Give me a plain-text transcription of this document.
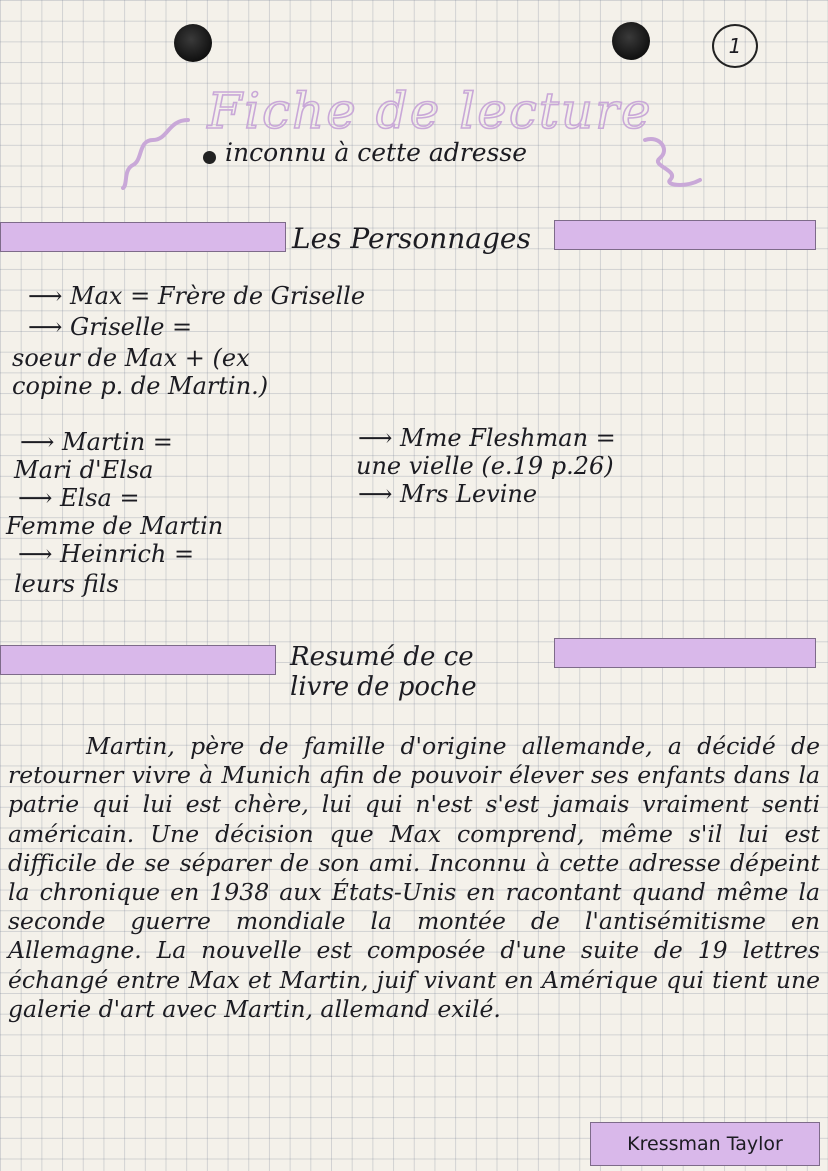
1
Fiche de lecture
inconnu à cette adresse
Les Personnages
⟶ Max = Frère de Griselle
⟶ Griselle =
soeur de Max + (ex
copine p. de Martin.)
⟶ Martin =
Mari d'Elsa
⟶ Elsa =
Femme de Martin
⟶ Heinrich =
leurs fils
⟶ Mme Fleshman =
une vielle (e.19 p.26)
⟶ Mrs Levine
Resumé de ce
livre de poche
Martin, père de famille d'origine allemande, a décidé de retourner vivre à Munich afin de pouvoir élever ses enfants dans la patrie qui lui est chère, lui qui n'est s'est jamais vraiment senti américain. Une décision que Max comprend, même s'il lui est difficile de se séparer de son ami. Inconnu à cette adresse dépeint la chronique en 1938 aux États-Unis en racontant quand même la seconde guerre mondiale la montée de l'antisémitisme en Allemagne. La nouvelle est composée d'une suite de 19 lettres échangé entre Max et Martin, juif vivant en Amérique qui tient une galerie d'art avec Martin, allemand exilé.
Kressman Taylor
